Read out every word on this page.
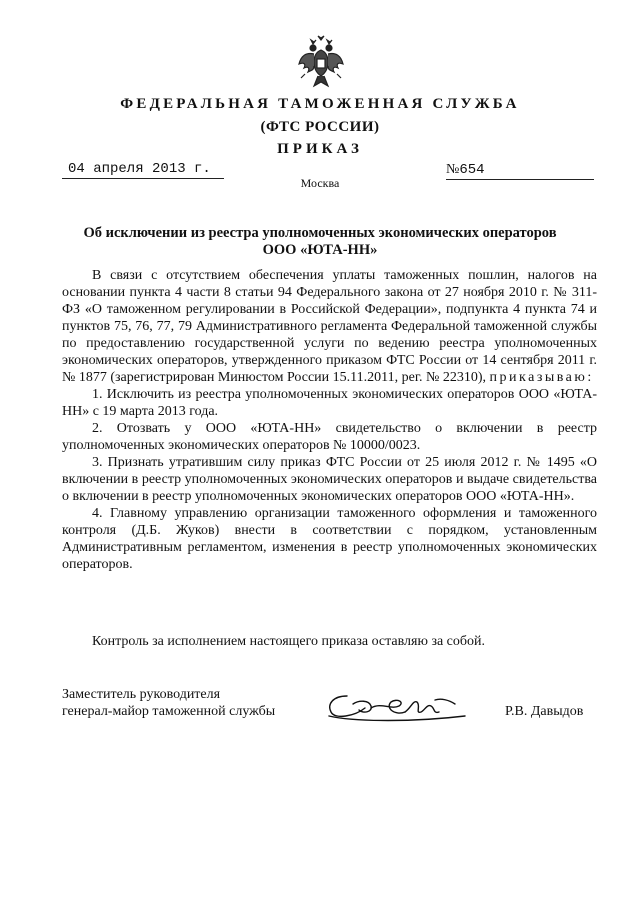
ФЕДЕРАЛЬНАЯ ТАМОЖЕННАЯ СЛУЖБА
(ФТС РОССИИ)
ПРИКАЗ
04 апреля 2013 г.	№654
Москва
Об исключении из реестра уполномоченных экономических операторов
ООО «ЮТА-НН»

В связи с отсутствием обеспечения уплаты таможенных пошлин, налогов на основании пункта 4 части 8 статьи 94 Федерального закона от 27 ноября 2010 г. № 311-ФЗ «О таможенном регулировании в Российской Федерации», подпункта 4 пункта 74 и пунктов 75, 76, 77, 79 Административного регламента Федеральной таможенной службы по предоставлению государственной услуги по ведению реестра уполномоченных экономических операторов, утвержденного приказом ФТС России от 14 сентября 2011 г. № 1877 (зарегистрирован Минюстом России 15.11.2011, рег. № 22310), приказываю:

1. Исключить из реестра уполномоченных экономических операторов ООО «ЮТА-НН» с 19 марта 2013 года.

2. Отозвать у ООО «ЮТА-НН» свидетельство о включении в реестр уполномоченных экономических операторов № 10000/0023.

3. Признать утратившим силу приказ ФТС России от 25 июля 2012 г. № 1495 «О включении в реестр уполномоченных экономических операторов и выдаче свидетельства о включении в реестр уполномоченных экономических операторов ООО «ЮТА-НН».

4. Главному управлению организации таможенного оформления и таможенного контроля (Д.Б. Жуков) внести в соответствии с порядком, установленным Административным регламентом, изменения в реестр уполномоченных экономических операторов.

Контроль за исполнением настоящего приказа оставляю за собой.
Заместитель руководителя
генерал-майор таможенной службы	Р.В. Давыдов
